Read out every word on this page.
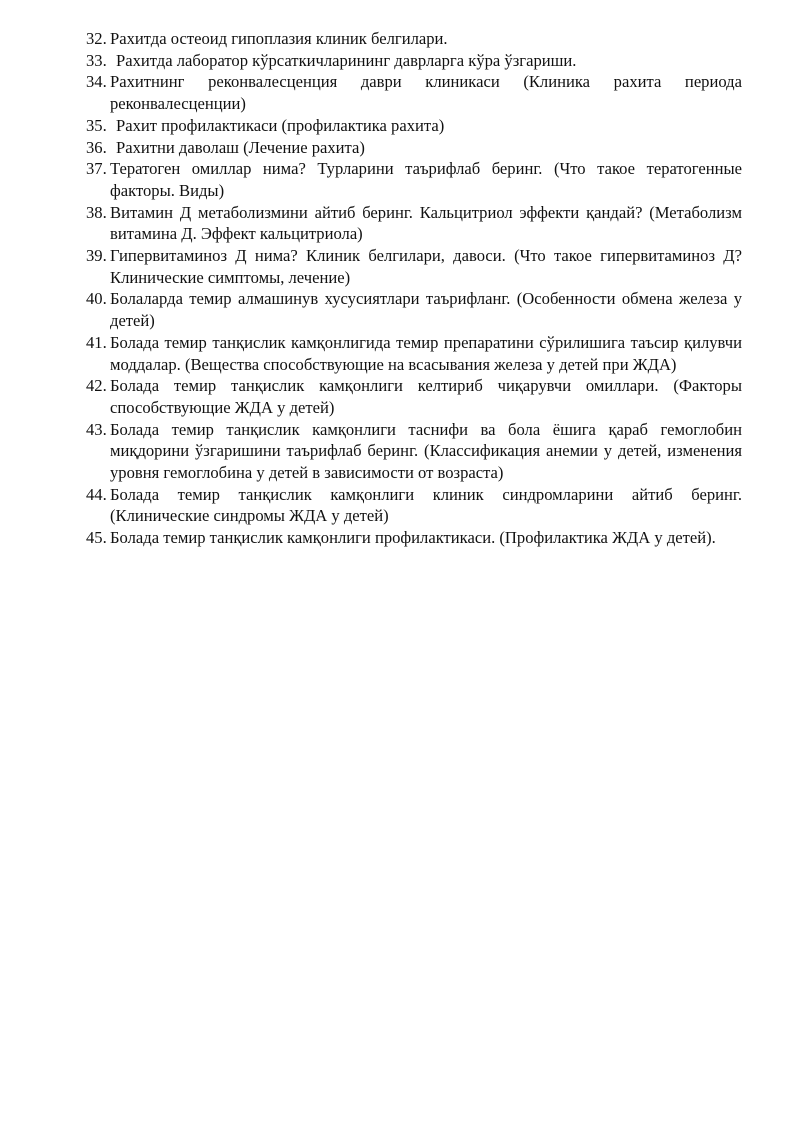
32. Рахитда остеоид гипоплазия клиник белгилари.
33. Рахитда лаборатор кўрсаткичларининг даврларга кўра ўзгариши.
34. Рахитнинг реконвалесценция даври клиникаси (Клиника рахита периода реконвалесценции)
35. Рахит профилактикаси (профилактика рахита)
36. Рахитни даволаш (Лечение рахита)
37. Тератоген омиллар нима? Турларини таърифлаб беринг. (Что такое тератогенные факторы. Виды)
38. Витамин Д метаболизмини айтиб беринг. Кальцитриол эффекти қандай? (Метаболизм витамина Д. Эффект кальцитриола)
39. Гипервитаминоз Д нима? Клиник белгилари, давоси. (Что такое гипервитаминоз Д? Клинические симптомы, лечение)
40. Болаларда темир алмашинув хусусиятлари таърифланг. (Особенности обмена железа у детей)
41. Болада темир танқислик камқонлигида темир препаратини сўрилишига таъсир қилувчи моддалар. (Вещества способствующие на всасывания железа у детей при ЖДА)
42. Болада темир танқислик камқонлиги келтириб чиқарувчи омиллари. (Факторы способствующие ЖДА у детей)
43. Болада темир танқислик камқонлиги таснифи ва бола ёшига қараб гемоглобин миқдорини ўзгаришини таърифлаб беринг. (Классификация анемии у детей, изменения уровня гемоглобина у детей в зависимости от возраста)
44. Болада темир танқислик камқонлиги клиник синдромларини айтиб беринг. (Клинические синдромы ЖДА у детей)
45. Болада темир танқислик камқонлиги профилактикаси. (Профилактика ЖДА у детей).
